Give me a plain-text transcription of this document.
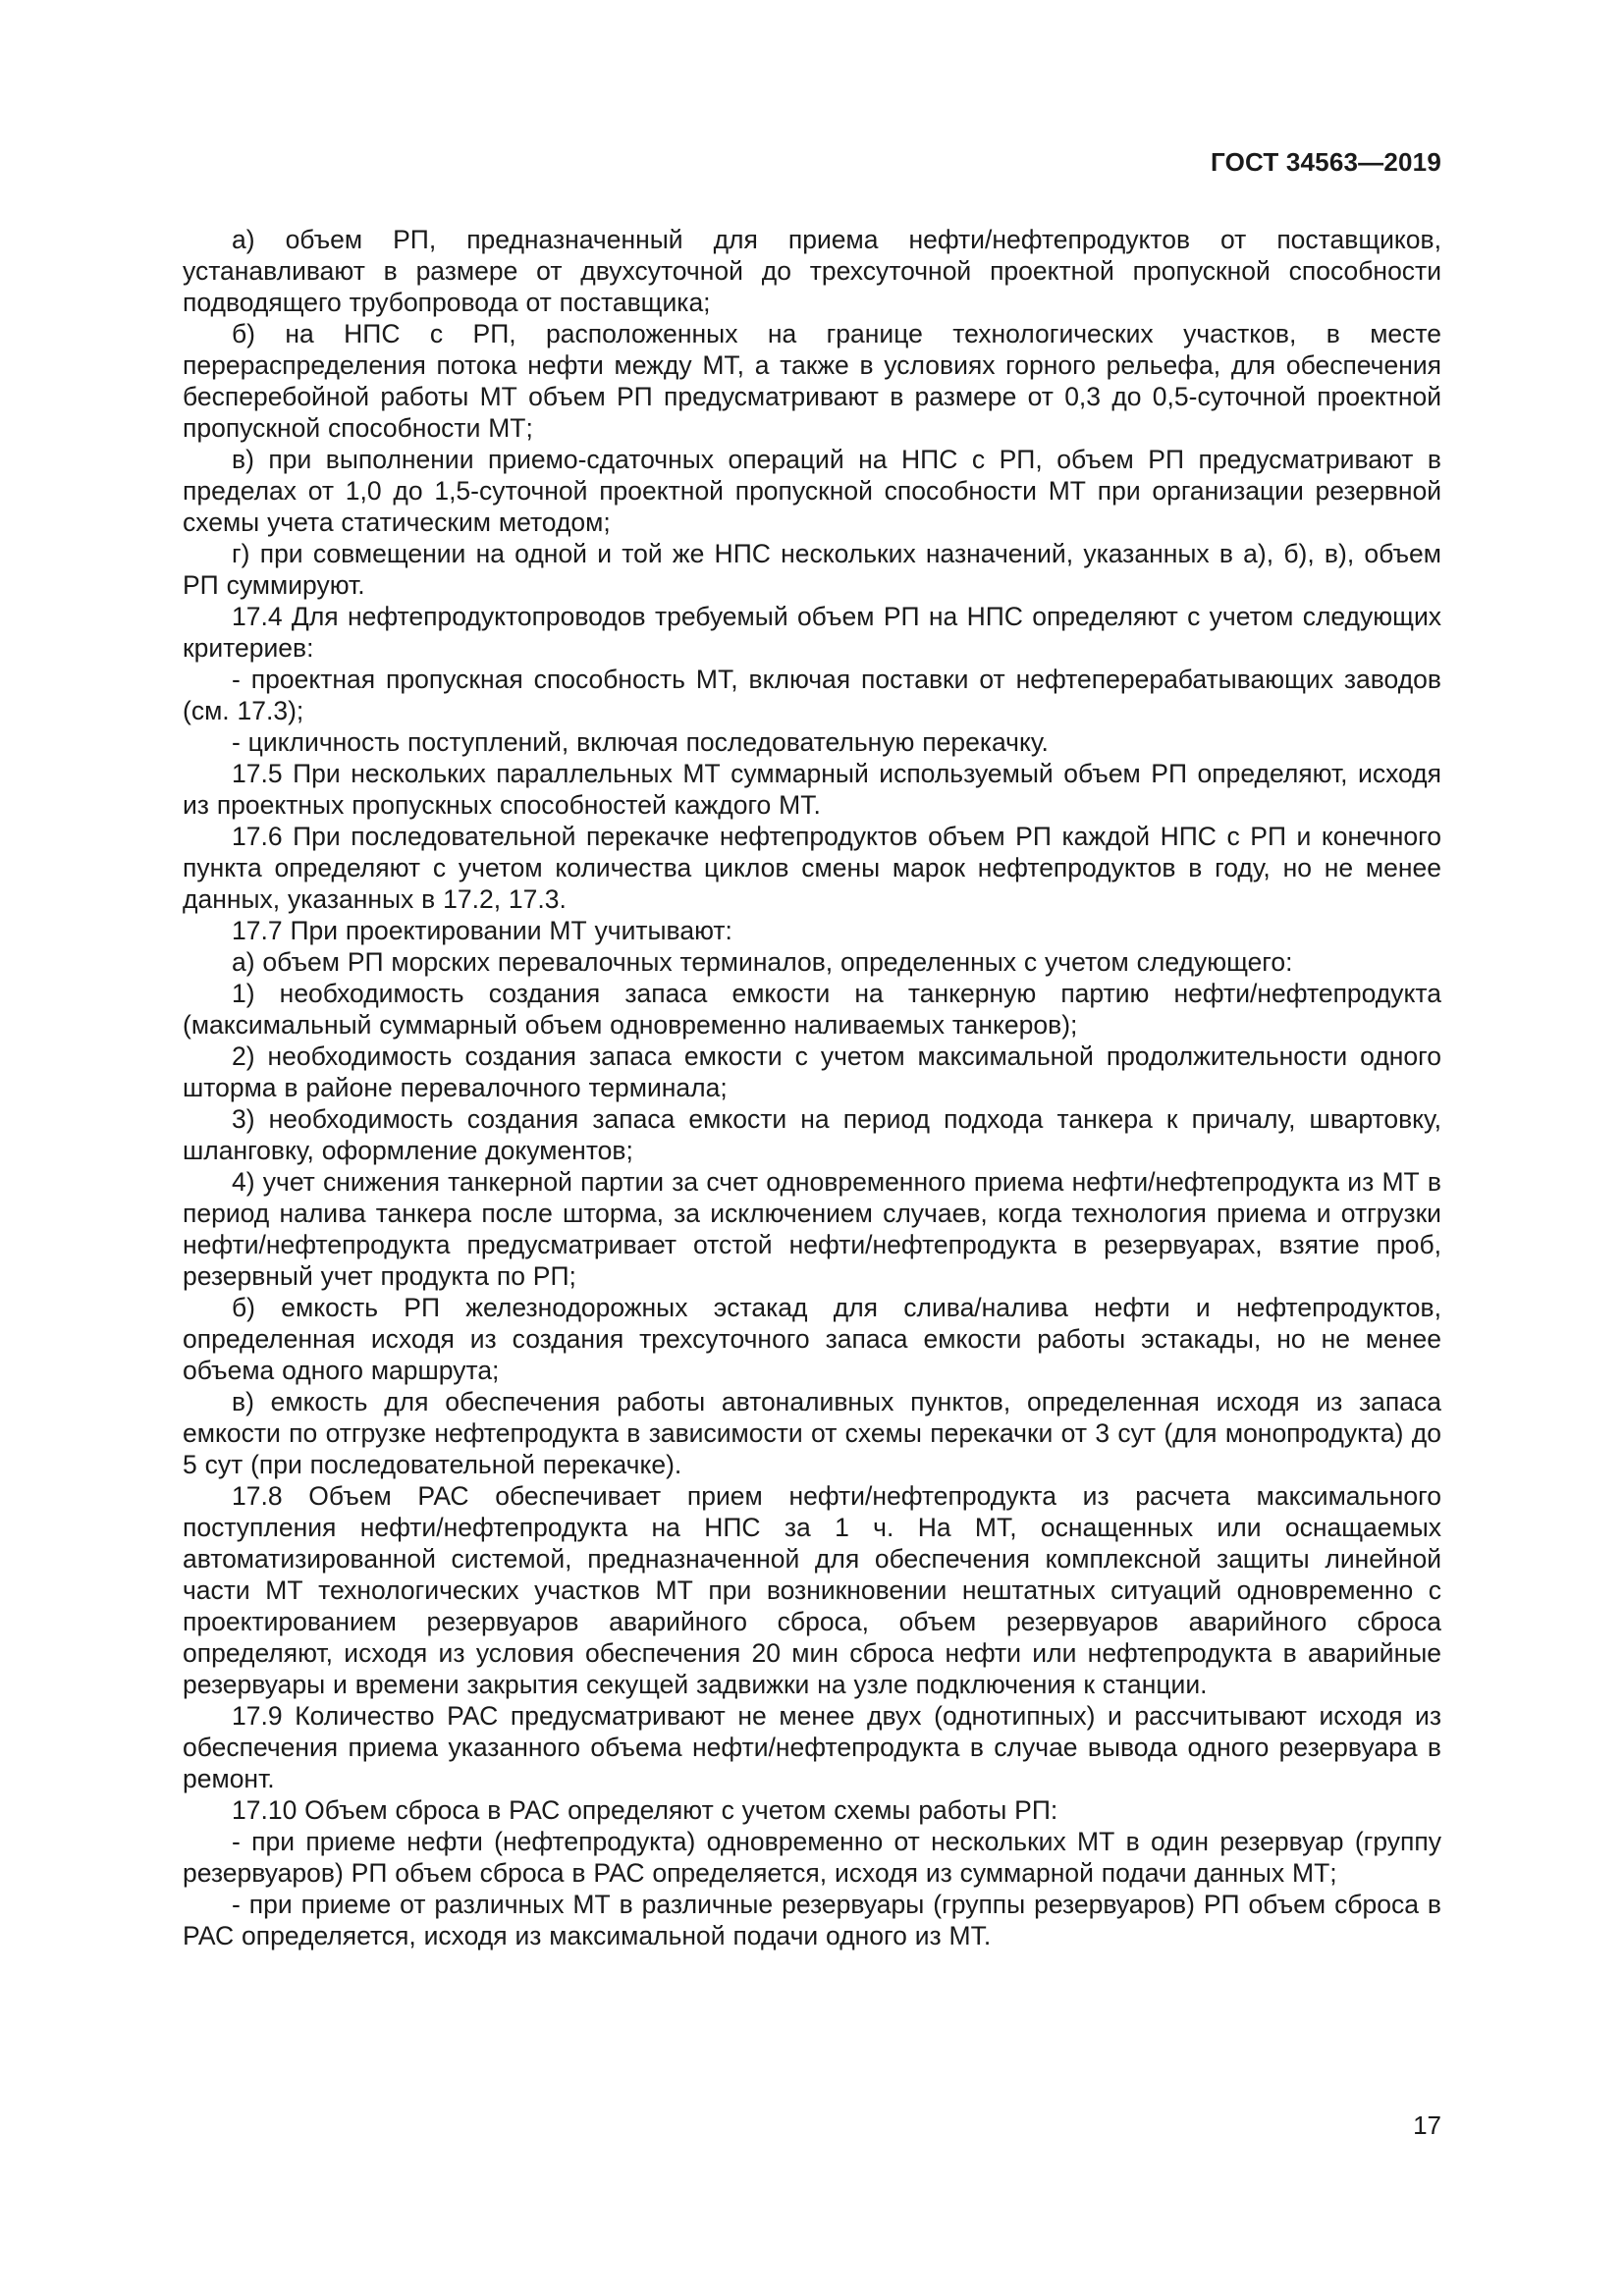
ГОСТ 34563—2019

а) объем РП, предназначенный для приема нефти/нефтепродуктов от поставщиков, устанавливают в размере от двухсуточной до трехсуточной проектной пропускной способности подводящего трубопровода от поставщика;

б) на НПС с РП, расположенных на границе технологических участков, в месте перераспределения потока нефти между МТ, а также в условиях горного рельефа, для обеспечения бесперебойной работы МТ объем РП предусматривают в размере от 0,3 до 0,5-суточной проектной пропускной способности МТ;

в) при выполнении приемо-сдаточных операций на НПС с РП, объем РП предусматривают в пределах от 1,0 до 1,5-суточной проектной пропускной способности МТ при организации резервной схемы учета статическим методом;

г) при совмещении на одной и той же НПС нескольких назначений, указанных в а), б), в), объем РП суммируют.

17.4 Для нефтепродуктопроводов требуемый объем РП на НПС определяют с учетом следующих критериев:

- проектная пропускная способность МТ, включая поставки от нефтеперерабатывающих заводов (см. 17.3);

- цикличность поступлений, включая последовательную перекачку.

17.5 При нескольких параллельных МТ суммарный используемый объем РП определяют, исходя из проектных пропускных способностей каждого МТ.

17.6 При последовательной перекачке нефтепродуктов объем РП каждой НПС с РП и конечного пункта определяют с учетом количества циклов смены марок нефтепродуктов в году, но не менее данных, указанных в 17.2, 17.3.

17.7 При проектировании МТ учитывают:

а) объем РП морских перевалочных терминалов, определенных с учетом следующего:

1) необходимость создания запаса емкости на танкерную партию нефти/нефтепродукта (максимальный суммарный объем одновременно наливаемых танкеров);

2) необходимость создания запаса емкости с учетом максимальной продолжительности одного шторма в районе перевалочного терминала;

3) необходимость создания запаса емкости на период подхода танкера к причалу, швартовку, шланговку, оформление документов;

4) учет снижения танкерной партии за счет одновременного приема нефти/нефтепродукта из МТ в период налива танкера после шторма, за исключением случаев, когда технология приема и отгрузки нефти/нефтепродукта предусматривает отстой нефти/нефтепродукта в резервуарах, взятие проб, резервный учет продукта по РП;

б) емкость РП железнодорожных эстакад для слива/налива нефти и нефтепродуктов, определенная исходя из создания трехсуточного запаса емкости работы эстакады, но не менее объема одного маршрута;

в) емкость для обеспечения работы автоналивных пунктов, определенная исходя из запаса емкости по отгрузке нефтепродукта в зависимости от схемы перекачки от 3 сут (для монопродукта) до 5 сут (при последовательной перекачке).

17.8 Объем РАС обеспечивает прием нефти/нефтепродукта из расчета максимального поступления нефти/нефтепродукта на НПС за 1 ч. На МТ, оснащенных или оснащаемых автоматизированной системой, предназначенной для обеспечения комплексной защиты линейной части МТ технологических участков МТ при возникновении нештатных ситуаций одновременно с проектированием резервуаров аварийного сброса, объем резервуаров аварийного сброса определяют, исходя из условия обеспечения 20 мин сброса нефти или нефтепродукта в аварийные резервуары и времени закрытия секущей задвижки на узле подключения к станции.

17.9 Количество РАС предусматривают не менее двух (однотипных) и рассчитывают исходя из обеспечения приема указанного объема нефти/нефтепродукта в случае вывода одного резервуара в ремонт.

17.10 Объем сброса в РАС определяют с учетом схемы работы РП:

- при приеме нефти (нефтепродукта) одновременно от нескольких МТ в один резервуар (группу резервуаров) РП объем сброса в РАС определяется, исходя из суммарной подачи данных МТ;

- при приеме от различных МТ в различные резервуары (группы резервуаров) РП объем сброса в РАС определяется, исходя из максимальной подачи одного из МТ.

17
